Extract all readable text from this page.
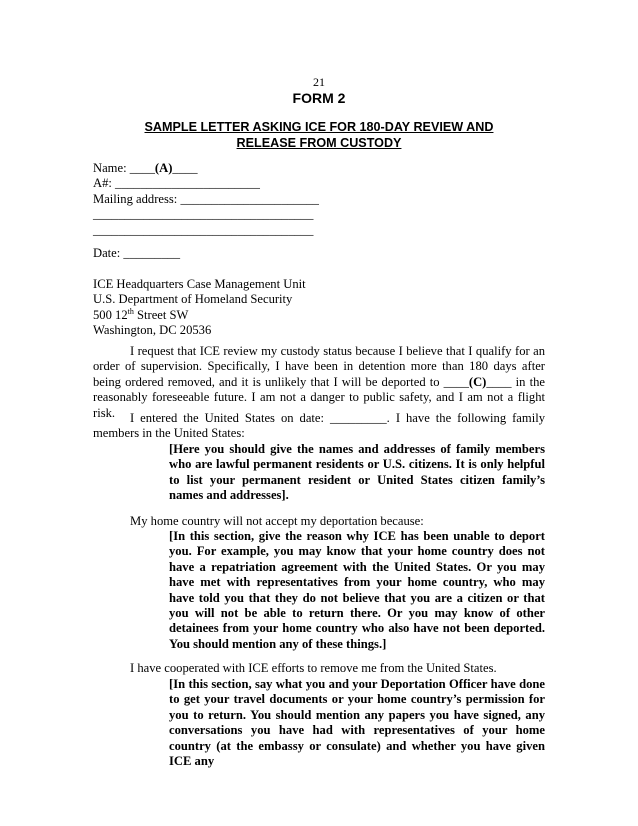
21
FORM 2
SAMPLE LETTER ASKING ICE FOR 180-DAY REVIEW AND
RELEASE FROM CUSTODY
Name: ____(A)____
A#: _______________________
Mailing address: ______________________
___________________________________
___________________________________
Date: _________
ICE Headquarters Case Management Unit
U.S. Department of Homeland Security
500 12th Street SW
Washington, DC 20536

I request that ICE review my custody status because I believe that I qualify for an order of supervision. Specifically, I have been in detention more than 180 days after being ordered removed, and it is unlikely that I will be deported to ____(C)____ in the reasonably foreseeable future. I am not a danger to public safety, and I am not a flight risk.	I entered the United States on date: _________. I have the following family members in the United States:

[Here you should give the names and addresses of family members who are lawful permanent residents or U.S. citizens. It is only helpful to list your permanent resident or United States citizen family’s names and addresses].
My home country will not accept my deportation because:
[In this section, give the reason why ICE has been unable to deport you. For example, you may know that your home country does not have a repatriation agreement with the United States. Or you may have met with representatives from your home country, who may have told you that they do not believe that you are a citizen or that you will not be able to return there. Or you may know of other detainees from your home country who also have not been deported. You should mention any of these things.]
I have cooperated with ICE efforts to remove me from the United States.
[In this section, say what you and your Deportation Officer have done to get your travel documents or your home country’s permission for you to return. You should mention any papers you have signed, any conversations you have had with representatives of your home country (at the embassy or consulate) and whether you have given ICE any
